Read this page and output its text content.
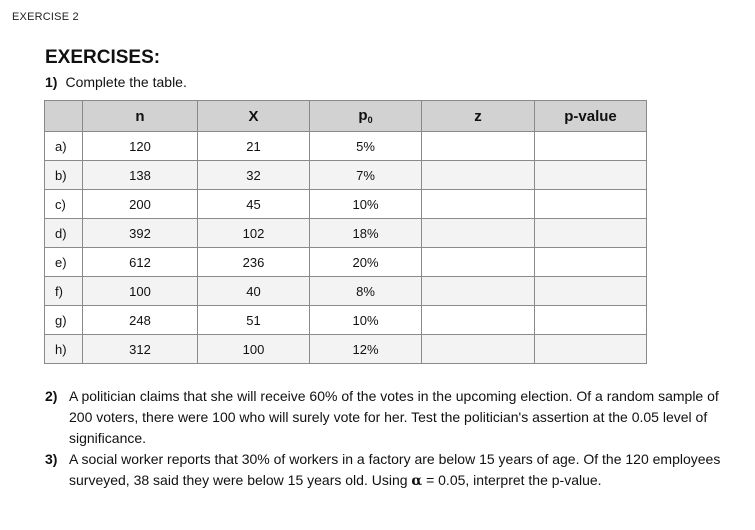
EXERCISE 2
EXERCISES:
1) Complete the table.
	n	X	$p_0$	z	p-value
a)	120	21	5%		
b)	138	32	7%		
c)	200	45	10%		
d)	392	102	18%		
e)	612	236	20%		
f)	100	40	8%		
g)	248	51	10%		
h)	312	100	12%		
2) A politician claims that she will receive 60% of the votes in the upcoming election. Of a random sample of 200 voters, there were 100 who will surely vote for her. Test the politician's assertion at the 0.05 level of significance.
3) A social worker reports that 30% of workers in a factory are below 15 years of age. Of the 120 employees surveyed, 38 said they were below 15 years old. Using α = 0.05, interpret the p-value.
